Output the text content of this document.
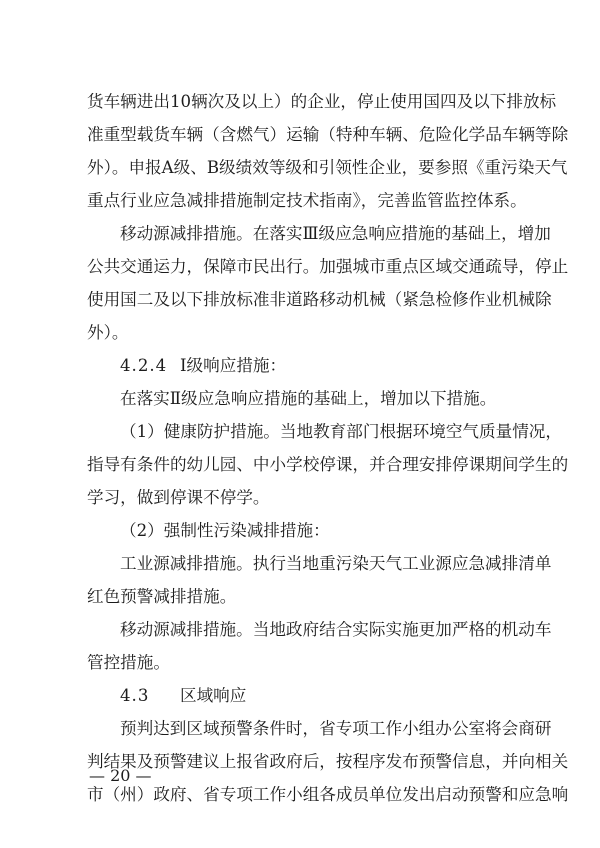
货车辆进出10辆次及以上）的企业，停止使用国四及以下排放标
准重型载货车辆（含燃气）运输（特种车辆、危险化学品车辆等除
外）。申报A级、B级绩效等级和引领性企业，要参照《重污染天气
重点行业应急减排措施制定技术指南》，完善监管监控体系。
移动源减排措施。在落实Ⅲ级应急响应措施的基础上，增加
公共交通运力，保障市民出行。加强城市重点区域交通疏导，停止
使用国二及以下排放标准非道路移动机械（紧急检修作业机械除
外）。
4.2.4 Ⅰ级响应措施：
在落实Ⅱ级应急响应措施的基础上，增加以下措施。
（1）健康防护措施。当地教育部门根据环境空气质量情况，
指导有条件的幼儿园、中小学校停课，并合理安排停课期间学生的
学习，做到停课不停学。
（2）强制性污染减排措施：
工业源减排措施。执行当地重污染天气工业源应急减排清单
红色预警减排措施。
移动源减排措施。当地政府结合实际实施更加严格的机动车
管控措施。
4.3 区域响应
预判达到区域预警条件时，省专项工作小组办公室将会商研
判结果及预警建议上报省政府后，按程序发布预警信息，并向相关
市（州）政府、省专项工作小组各成员单位发出启动预警和应急响
— 20 —
